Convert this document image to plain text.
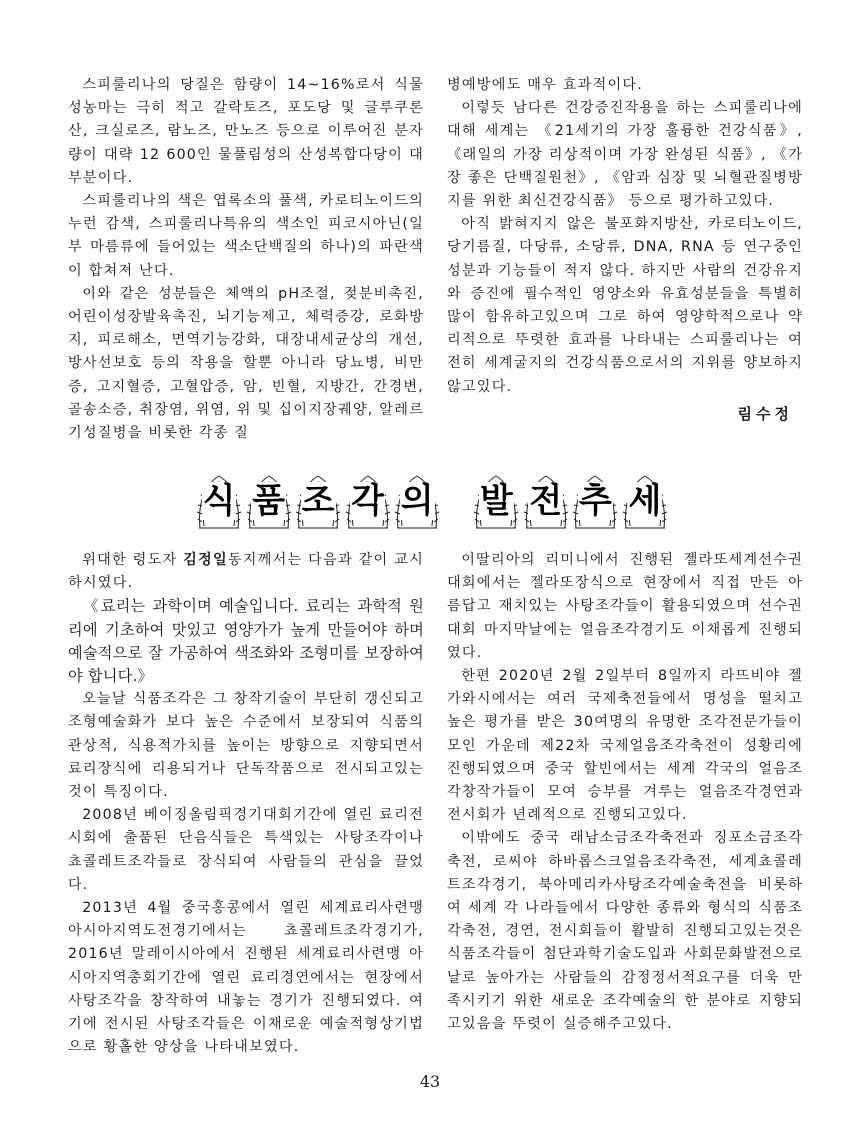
스피룰리나의 당질은 함량이 14~16%로서 식물성농마는 극히 적고 갈락토즈, 포도당 및 글루쿠론산, 크실로즈, 람노즈, 만노즈 등으로 이루어진 분자량이 대략 12 600인 물풀림성의 산성복합다당이 대부분이다.

스피룰리나의 색은 엽록소의 풀색, 카로티노이드의 누런 감색, 스피룰리나특유의 색소인 피코시아닌(일부 마름류에 들어있는 색소단백질의 하나)의 파란색이 합쳐져 난다.

이와 같은 성분들은 체액의 pH조절, 젖분비촉진, 어린이성장발육촉진, 뇌기능제고, 체력증강, 로화방지, 피로해소, 면역기능강화, 대장내세균상의 개선, 방사선보호 등의 작용을 할뿐 아니라 당뇨병, 비만증, 고지혈증, 고혈압증, 암, 빈혈, 지방간, 간경변, 골송소증, 취장염, 위염, 위 및 십이지장궤양, 알레르기성질병을 비롯한 각종 질

병예방에도 매우 효과적이다.

이렇듯 남다른 건강증진작용을 하는 스피룰리나에 대해 세계는 《21세기의 가장 훌륭한 건강식품》, 《래일의 가장 리상적이며 가장 완성된 식품》, 《가장 좋은 단백질원천》, 《암과 심장 및 뇌혈관질병방지를 위한 최신건강식품》 등으로 평가하고있다.

아직 밝혀지지 않은 불포화지방산, 카로티노이드, 당기름질, 다당류, 소당류, DNA, RNA 등 연구중인 성분과 기능들이 적지 않다. 하지만 사람의 건강유지와 증진에 필수적인 영양소와 유효성분들을 특별히 많이 함유하고있으며 그로 하여 영양학적으로나 약리적으로 뚜렷한 효과를 나타내는 스피룰리나는 여전히 세계굴지의 건강식품으로서의 지위를 양보하지 않고있다.

림수정
식 품 조 각 의 발 전 추 세

위대한 령도자 김정일동지께서는 다음과 같이 교시하시였다.

《료리는 과학이며 예술입니다. 료리는 과학적 원리에 기초하여 맛있고 영양가가 높게 만들어야 하며 예술적으로 잘 가공하여 색조화와 조형미를 보장하여야 합니다.》

오늘날 식품조각은 그 창작기술이 부단히 갱신되고 조형예술화가 보다 높은 수준에서 보장되여 식품의 관상적, 식용적가치를 높이는 방향으로 지향되면서 료리장식에 리용되거나 단독작품으로 전시되고있는것이 특징이다.

2008년 베이징올림픽경기대회기간에 열린 료리전시회에 출품된 단음식들은 특색있는 사탕조각이나 쵸콜레트조각들로 장식되여 사람들의 관심을 끌었다.

2013년 4월 중국홍콩에서 열린 세계료리사련맹 아시아지역도전경기에서는 쵸콜레트조각경기가, 2016년 말레이시아에서 진행된 세계료리사련맹 아시아지역총회기간에 열린 료리경연에서는 현장에서 사탕조각을 창작하여 내놓는 경기가 진행되였다. 여기에 전시된 사탕조각들은 이채로운 예술적형상기법으로 황홀한 양상을 나타내보였다.

이딸리아의 리미니에서 진행된 젤라또세계선수권대회에서는 젤라또장식으로 현장에서 직접 만든 아름답고 재치있는 사탕조각들이 활용되였으며 선수권대회 마지막날에는 얼음조각경기도 이채롭게 진행되였다.

한편 2020년 2월 2일부터 8일까지 라뜨비야 젤가와시에서는 여러 국제축전들에서 명성을 떨치고 높은 평가를 받은 30여명의 유명한 조각전문가들이 모인 가운데 제22차 국제얼음조각축전이 성황리에 진행되였으며 중국 할빈에서는 세계 각국의 얼음조각창작가들이 모여 승부를 겨루는 얼음조각경연과 전시회가 년례적으로 진행되고있다.

이밖에도 중국 래남소금조각축전과 징포소금조각축전, 로씨야 하바롭스크얼음조각축전, 세계쵸콜레트조각경기, 북아메리카사탕조각예술축전을 비롯하여 세계 각 나라들에서 다양한 종류와 형식의 식품조각축전, 경연, 전시회들이 활발히 진행되고있는것은 식품조각들이 첨단과학기술도입과 사회문화발전으로 날로 높아가는 사람들의 감정정서적요구를 더욱 만족시키기 위한 새로운 조각예술의 한 분야로 지향되고있음을 뚜렷이 실증해주고있다.

43
